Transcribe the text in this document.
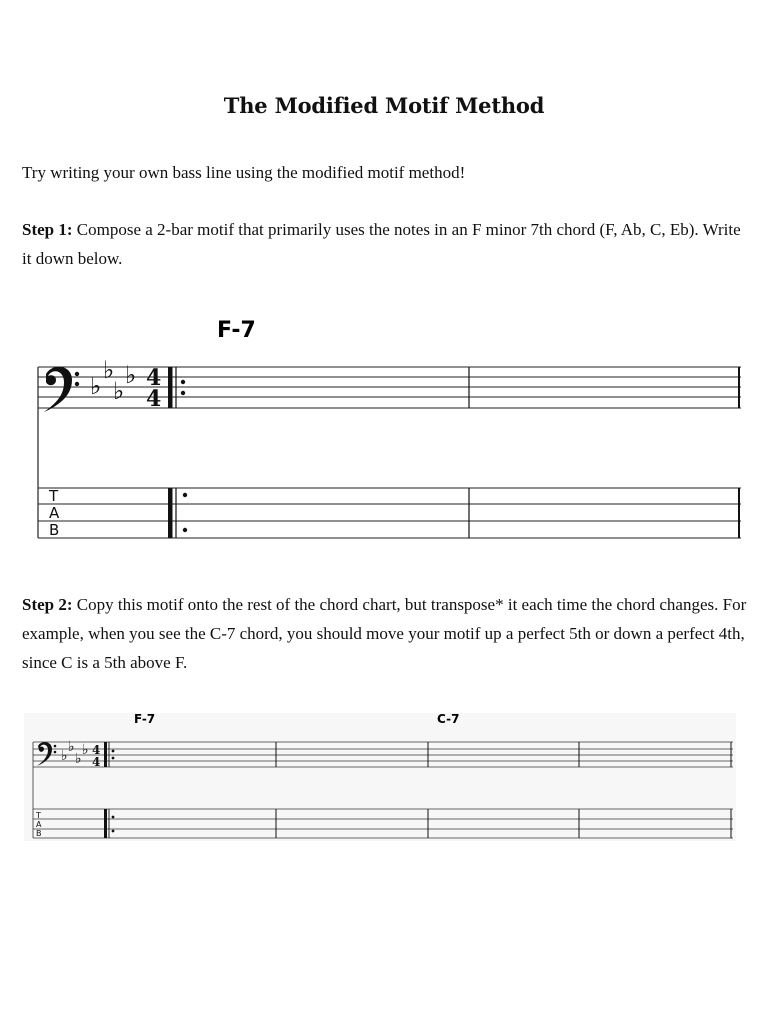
The Modified Motif Method
Try writing your own bass line using the modified motif method!
Step 1: Compose a 2-bar motif that primarily uses the notes in an F minor 7th chord (F, Ab, C, Eb). Write it down below.
F-7
♭
♭
♭
♭ 4
4
T
A
B
Step 2: Copy this motif onto the rest of the chord chart, but transpose* it each time the chord changes. For example, when you see the C-7 chord, you should move your motif up a perfect 5th or down a perfect 4th, since C is a 5th above F.
F-7	C-7
♭
♭
♭
♭ 4
4
T
A
B
